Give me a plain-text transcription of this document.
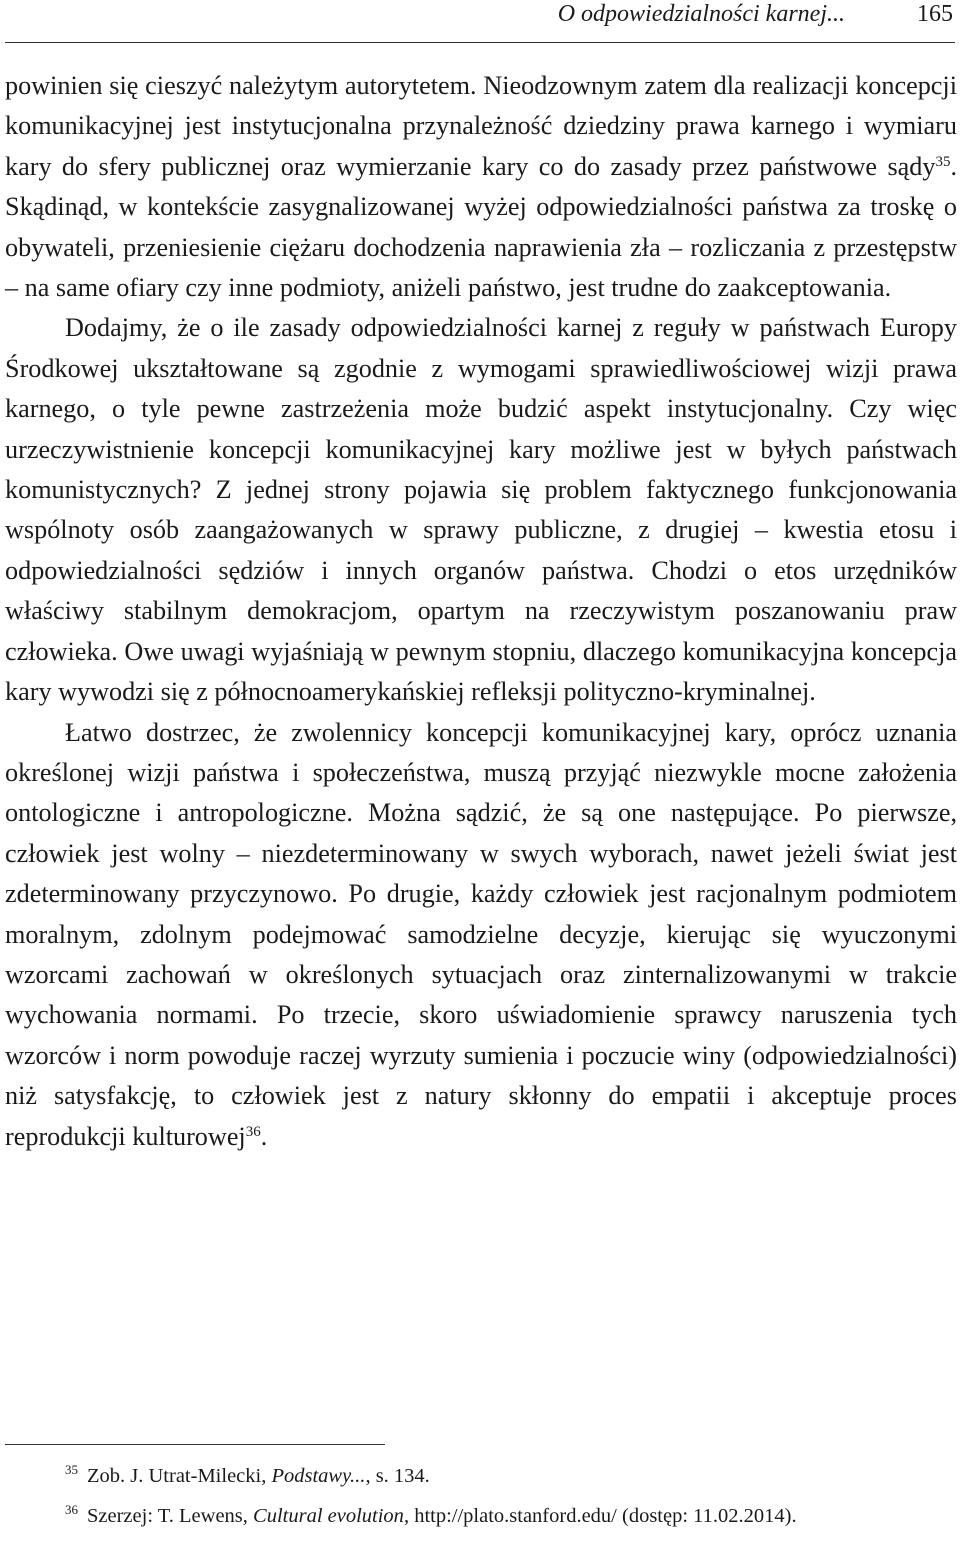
O odpowiedzialności karnej...	165

powinien się cieszyć należytym autorytetem. Nieodzownym zatem dla realizacji koncepcji komunikacyjnej jest instytucjonalna przynależność dziedziny prawa karnego i wymiaru kary do sfery publicznej oraz wymierzanie kary co do zasady przez państwowe sądy$^{35}$. Skądinąd, w kontekście zasygnalizowanej wyżej odpowiedzialności państwa za troskę o obywateli, przeniesienie ciężaru dochodzenia naprawienia zła – rozliczania z przestępstw – na same ofiary czy inne podmioty, aniżeli państwo, jest trudne do zaakceptowania.

Dodajmy, że o ile zasady odpowiedzialności karnej z reguły w państwach Europy Środkowej ukształtowane są zgodnie z wymogami sprawiedliwościowej wizji prawa karnego, o tyle pewne zastrzeżenia może budzić aspekt instytucjonalny. Czy więc urzeczywistnienie koncepcji komunikacyjnej kary możliwe jest w byłych państwach komunistycznych? Z jednej strony pojawia się problem faktycznego funkcjonowania wspólnoty osób zaangażowanych w sprawy publiczne, z drugiej – kwestia etosu i odpowiedzialności sędziów i innych organów państwa. Chodzi o etos urzędników właściwy stabilnym demokracjom, opartym na rzeczywistym poszanowaniu praw człowieka. Owe uwagi wyjaśniają w pewnym stopniu, dlaczego komunikacyjna koncepcja kary wywodzi się z północnoamerykańskiej refleksji polityczno-kryminalnej.

Łatwo dostrzec, że zwolennicy koncepcji komunikacyjnej kary, oprócz uznania określonej wizji państwa i społeczeństwa, muszą przyjąć niezwykle mocne założenia ontologiczne i antropologiczne. Można sądzić, że są one następujące. Po pierwsze, człowiek jest wolny – niezdeterminowany w swych wyborach, nawet jeżeli świat jest zdeterminowany przyczynowo. Po drugie, każdy człowiek jest racjonalnym podmiotem moralnym, zdolnym podejmować samodzielne decyzje, kierując się wyuczonymi wzorcami zachowań w określonych sytuacjach oraz zinternalizowanymi w trakcie wychowania normami. Po trzecie, skoro uświadomienie sprawcy naruszenia tych wzorców i norm powoduje raczej wyrzuty sumienia i poczucie winy (odpowiedzialności) niż satysfakcję, to człowiek jest z natury skłonny do empatii i akceptuje proces reprodukcji kulturowej$^{36}$.

$^{35}$ Zob. J. Utrat-Milecki, Podstawy..., s. 134.
$^{36}$ Szerzej: T. Lewens, Cultural evolution, http://plato.stanford.edu/ (dostęp: 11.02.2014).
